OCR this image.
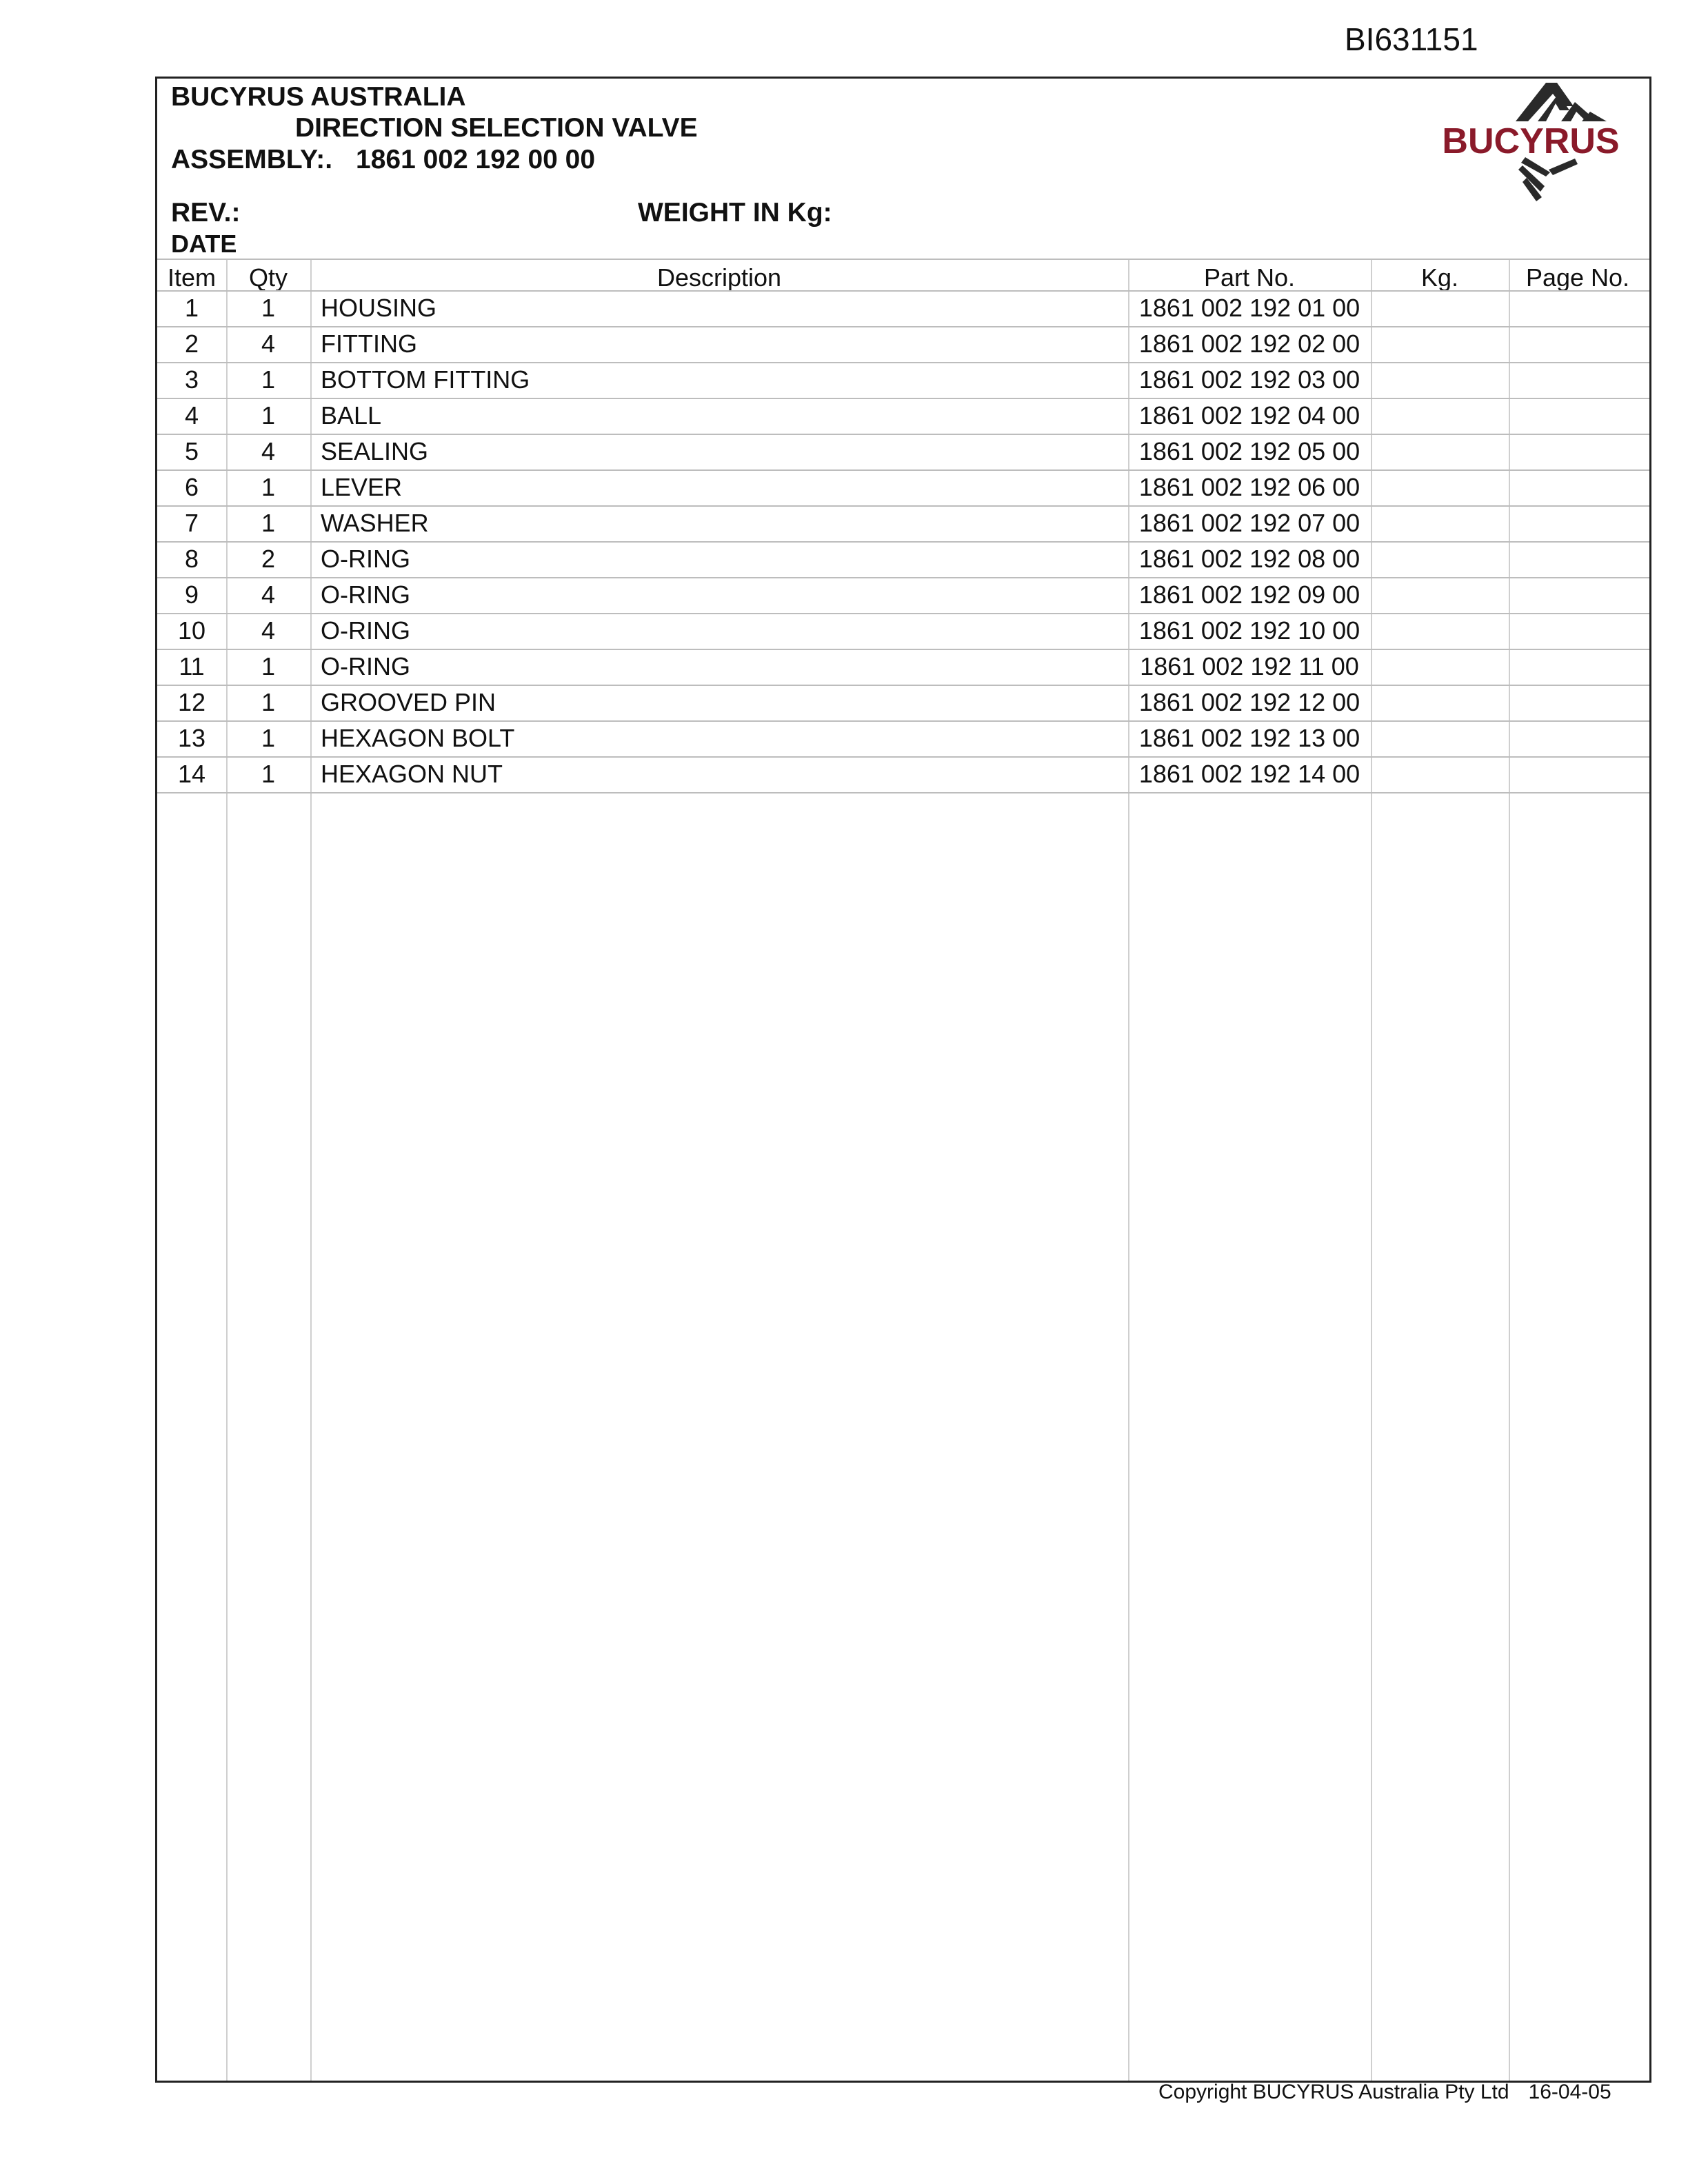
BI631151
BUCYRUS AUSTRALIA
DIRECTION SELECTION VALVE
ASSEMBLY:. 1861 002 192 00 00
REV.:	WEIGHT IN Kg:
DATE
BUCYRUS
Item	Qty	Description	Part No.	Kg.	Page No.
1	1	HOUSING	1861 002 192 01 00
2	4	FITTING	1861 002 192 02 00
3	1	BOTTOM FITTING	1861 002 192 03 00
4	1	BALL	1861 002 192 04 00
5	4	SEALING	1861 002 192 05 00
6	1	LEVER	1861 002 192 06 00
7	1	WASHER	1861 002 192 07 00
8	2	O-RING	1861 002 192 08 00
9	4	O-RING	1861 002 192 09 00
10	4	O-RING	1861 002 192 10 00
11	1	O-RING	1861 002 192 11 00
12	1	GROOVED PIN	1861 002 192 12 00
13	1	HEXAGON BOLT	1861 002 192 13 00
14	1	HEXAGON NUT	1861 002 192 14 00
Copyright BUCYRUS Australia Pty Ltd 16-04-05
